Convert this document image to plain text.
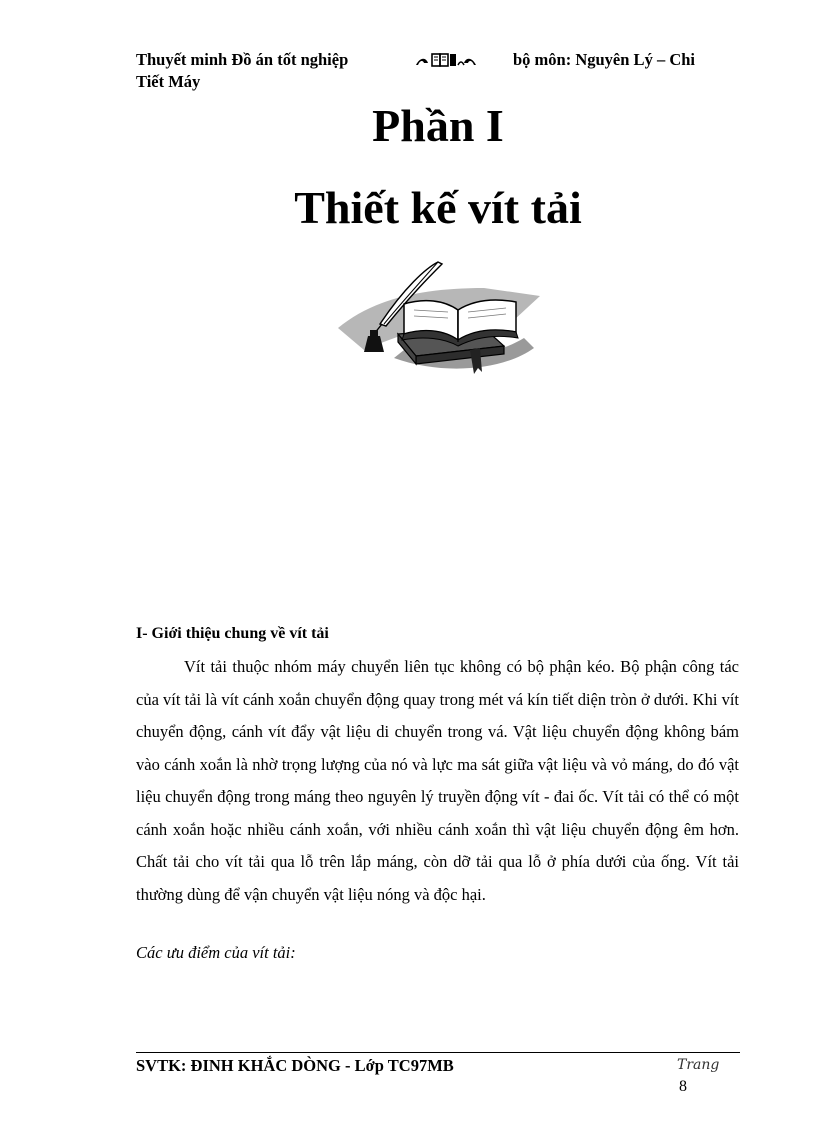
Thuyết minh Đồ án tốt nghiệp	bộ môn: Nguyên Lý – Chi
Tiết Máy
Phần I
Thiết kế vít tải
I- Giới thiệu chung về vít tải

Vít tải thuộc nhóm máy chuyển liên tục không có bộ phận kéo. Bộ phận công tác của vít tải là vít cánh xoắn chuyển động quay trong mét vá kín tiết diện tròn ở dưới. Khi vít chuyển động, cánh vít đẩy vật liệu di chuyển trong vá. Vật liệu chuyển động không bám vào cánh xoắn là nhờ trọng lượng của nó và lực ma sát giữa vật liệu và vỏ máng, do đó vật liệu chuyển động trong máng theo nguyên lý truyền động vít - đai ốc. Vít tải có thể có một cánh xoắn hoặc nhiều cánh xoắn, với nhiều cánh xoắn thì vật liệu chuyển động êm hơn. Chất tải cho vít tải qua lỗ trên lắp máng, còn dỡ tải qua lỗ ở phía dưới của ống. Vít tải thường dùng để vận chuyển vật liệu nóng và độc hại.

Các ưu điểm của vít tải:
SVTK: ĐINH KHẮC DÒNG - Lớp TC97MB	Trang
8
